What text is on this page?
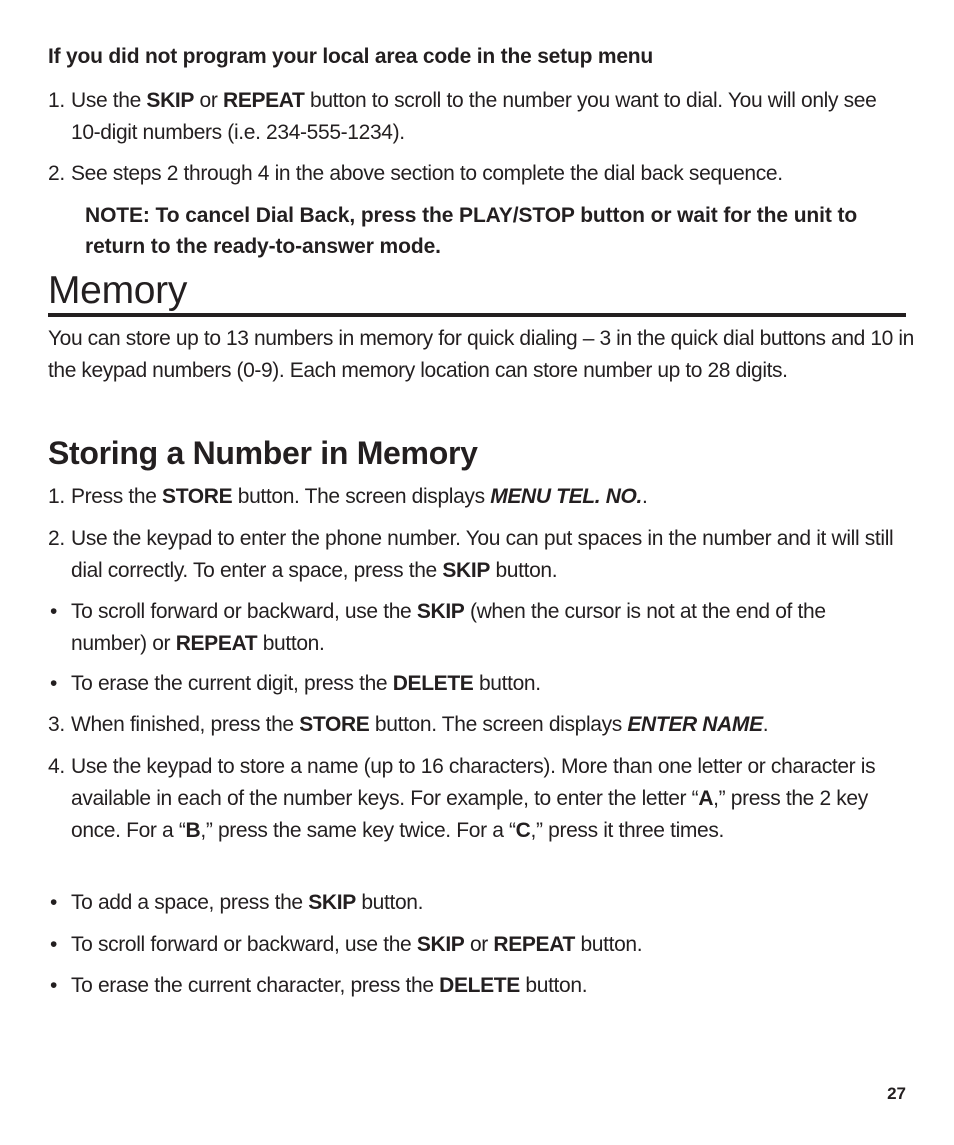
If you did not program your local area code in the setup menu
1. Use the SKIP or REPEAT button to scroll to the number you want to dial. You will only see 10-digit numbers (i.e. 234-555-1234).
2. See steps 2 through 4 in the above section to complete the dial back sequence.
NOTE: To cancel Dial Back, press the PLAY/STOP button or wait for the unit to return to the ready-to-answer mode.
Memory
You can store up to 13 numbers in memory for quick dialing – 3 in the quick dial buttons and 10 in the keypad numbers (0-9). Each memory location can store number up to 28 digits.
Storing a Number in Memory
1. Press the STORE button. The screen displays MENU TEL. NO..
2. Use the keypad to enter the phone number. You can put spaces in the number and it will still dial correctly. To enter a space, press the SKIP button.
• To scroll forward or backward, use the SKIP (when the cursor is not at the end of the number) or REPEAT button.
• To erase the current digit, press the DELETE button.
3. When finished, press the STORE button. The screen displays ENTER NAME.
4. Use the keypad to store a name (up to 16 characters). More than one letter or character is available in each of the number keys. For example, to enter the letter “A,” press the 2 key once. For a “B,” press the same key twice. For a “C,” press it three times.
• To add a space, press the SKIP button.
• To scroll forward or backward, use the SKIP or REPEAT button.
• To erase the current character, press the DELETE button.
27
